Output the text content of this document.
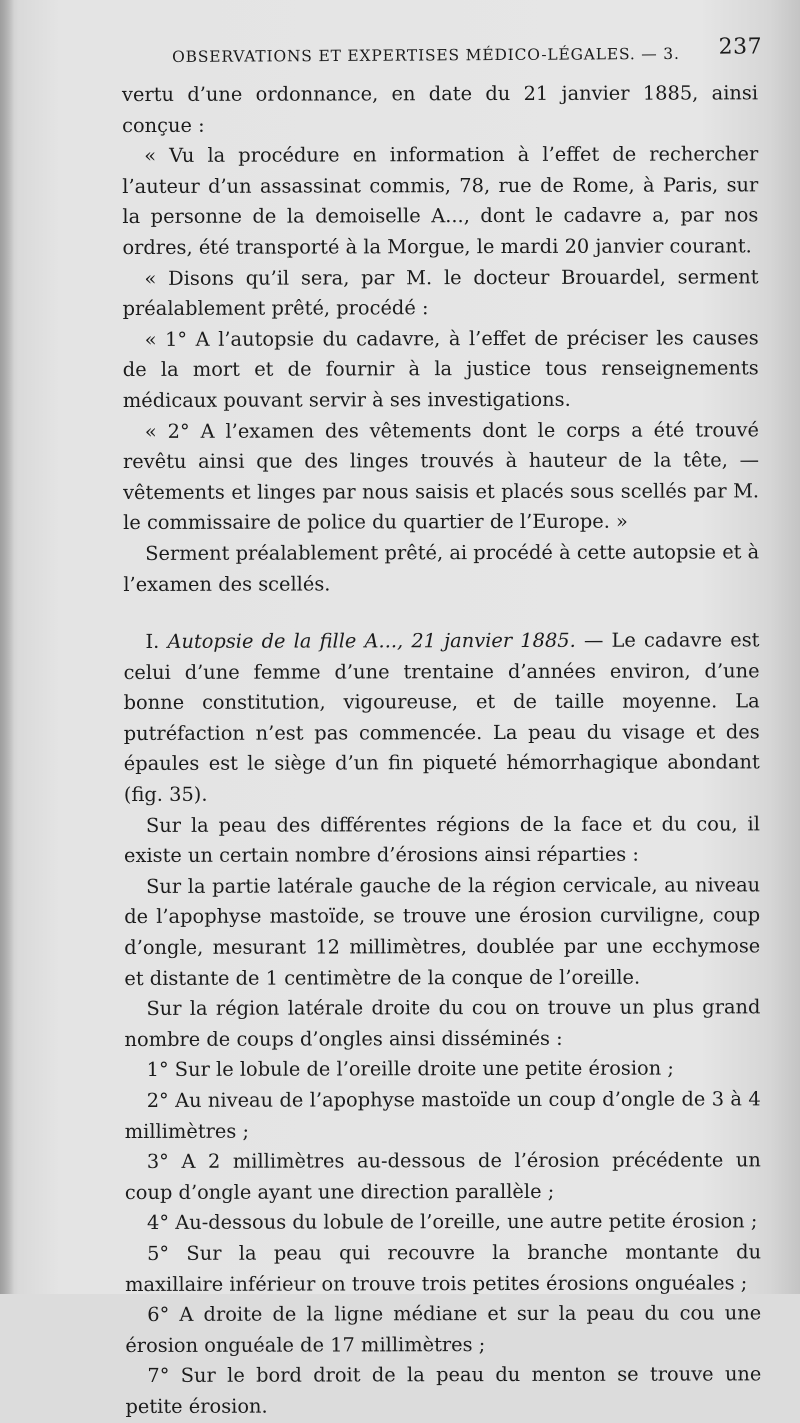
OBSERVATIONS ET EXPERTISES MÉDICO-LÉGALES. — 3. 237

vertu d’une ordonnance, en date du 21 janvier 1885, ainsi conçue :

« Vu la procédure en information à l’effet de rechercher l’auteur d’un assassinat commis, 78, rue de Rome, à Paris, sur la personne de la demoiselle A..., dont le cadavre a, par nos ordres, été transporté à la Morgue, le mardi 20 janvier courant.

« Disons qu’il sera, par M. le docteur Brouardel, serment préalablement prêté, procédé :

« 1° A l’autopsie du cadavre, à l’effet de préciser les causes de la mort et de fournir à la justice tous renseignements médicaux pouvant servir à ses investigations.

« 2° A l’examen des vêtements dont le corps a été trouvé revêtu ainsi que des linges trouvés à hauteur de la tête, — vêtements et linges par nous saisis et placés sous scellés par M. le commissaire de police du quartier de l’Europe. »

Serment préalablement prêté, ai procédé à cette autopsie et à l’examen des scellés.

I. Autopsie de la fille A..., 21 janvier 1885. — Le cadavre est celui d’une femme d’une trentaine d’années environ, d’une bonne constitution, vigoureuse, et de taille moyenne. La putréfaction n’est pas commencée. La peau du visage et des épaules est le siège d’un fin piqueté hémorrhagique abondant (fig. 35).

Sur la peau des différentes régions de la face et du cou, il existe un certain nombre d’érosions ainsi réparties :

Sur la partie latérale gauche de la région cervicale, au niveau de l’apophyse mastoïde, se trouve une érosion curviligne, coup d’ongle, mesurant 12 millimètres, doublée par une ecchymose et distante de 1 centimètre de la conque de l’oreille.

Sur la région latérale droite du cou on trouve un plus grand nombre de coups d’ongles ainsi disséminés :

1° Sur le lobule de l’oreille droite une petite érosion ;

2° Au niveau de l’apophyse mastoïde un coup d’ongle de 3 à 4 millimètres ;

3° A 2 millimètres au-dessous de l’érosion précédente un coup d’ongle ayant une direction parallèle ;

4° Au-dessous du lobule de l’oreille, une autre petite érosion ;

5° Sur la peau qui recouvre la branche montante du maxillaire inférieur on trouve trois petites érosions onguéales ;

6° A droite de la ligne médiane et sur la peau du cou une érosion onguéale de 17 millimètres ;

7° Sur le bord droit de la peau du menton se trouve une petite érosion.
